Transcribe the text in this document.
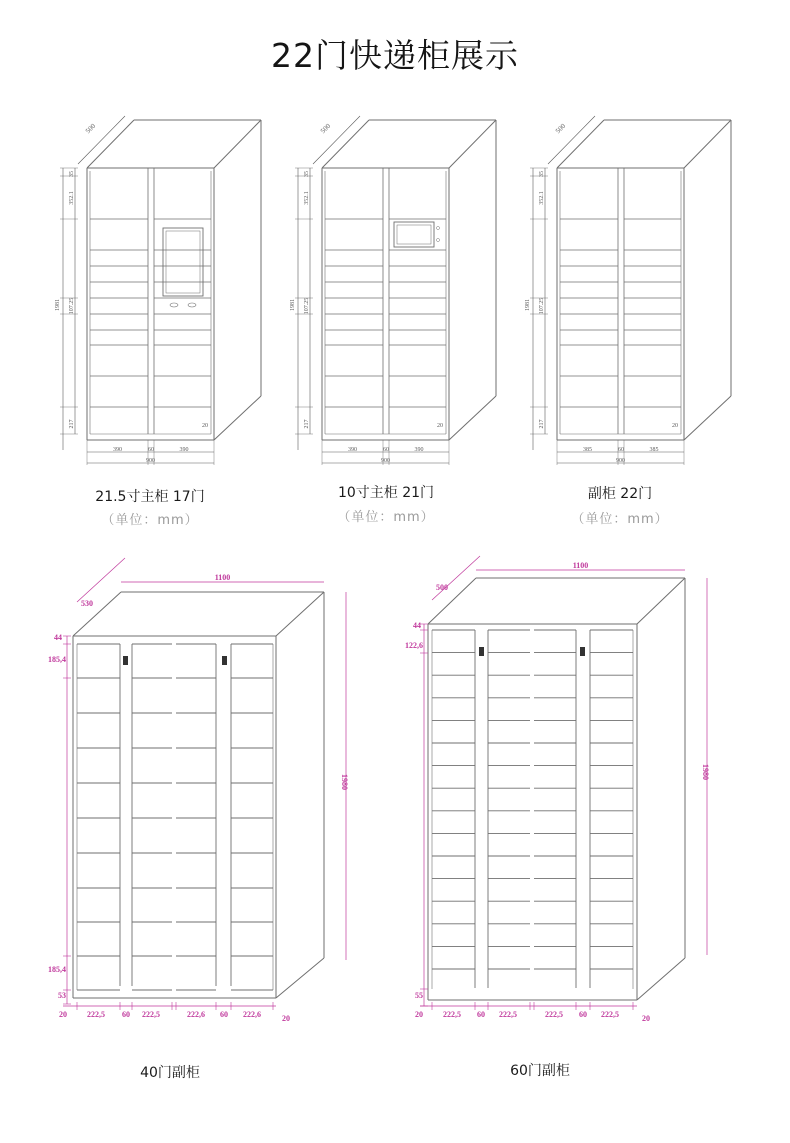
22门快递柜展示
500
35
352.1
1981 107.25
217	20
390	60	390
900
500
35
352.1
1981 107.25
217	20
390	60	390
900
500
35
352.1
1981 107.25
217	20
385	60	385
900
530
1100
1980
44
185,4
185,4
53
20	222,5 60 222,5	222,6 60 222,6	20
500
1100
1980
44
122,6
55
20	222,5 60 222,5	222,5 60 222,5	20
21.5寸主柜 17门
（单位：mm）
10寸主柜 21门
（单位：mm）
副柜 22门
（单位：mm）
40门副柜	60门副柜
